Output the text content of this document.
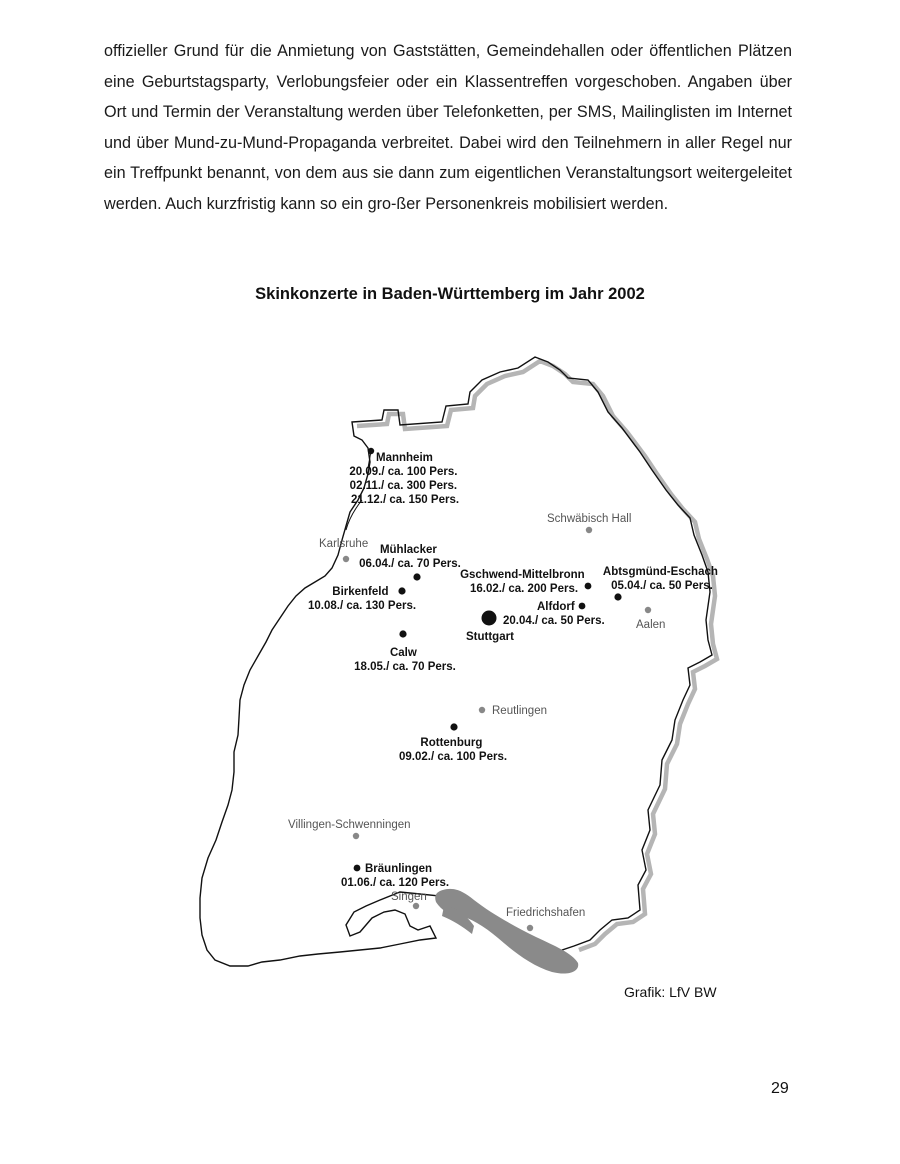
offizieller Grund für die Anmietung von Gaststätten, Gemeindehallen oder öffentlichen Plätzen eine Geburtstagsparty, Verlobungsfeier oder ein Klassentreffen vorgeschoben. Angaben über Ort und Termin der Veranstaltung werden über Telefonketten, per SMS, Mailinglisten im Internet und über Mund-zu-Mund-Propaganda verbreitet. Dabei wird den Teilnehmern in aller Regel nur ein Treffpunkt benannt, von dem aus sie dann zum eigentlichen Veranstaltungsort weitergeleitet werden. Auch kurzfristig kann so ein gro-ßer Personenkreis mobilisiert werden.

Skinkonzerte in Baden-Württemberg im Jahr 2002
Mannheim
20.09./ ca. 100 Pers. 02.11./ ca. 300 Pers. 21.12./ ca. 150 Pers.
Mühlacker 06.04./ ca. 70 Pers.
Birkenfeld 10.08./ ca. 130 Pers.
Gschwend-Mittelbronn 16.02./ ca. 200 Pers.
Abtsgmünd-Eschach 05.04./ ca. 50 Pers.
Alfdorf 20.04./ ca. 50 Pers.
Stuttgart
Calw 18.05./ ca. 70 Pers.
Rottenburg 09.02./ ca. 100 Pers.
Bräunlingen 01.06./ ca. 120 Pers.
Karlsruhe
Schwäbisch Hall
Aalen
Reutlingen
Villingen-Schwenningen
Singen
Friedrichshafen
Grafik: LfV BW
29
